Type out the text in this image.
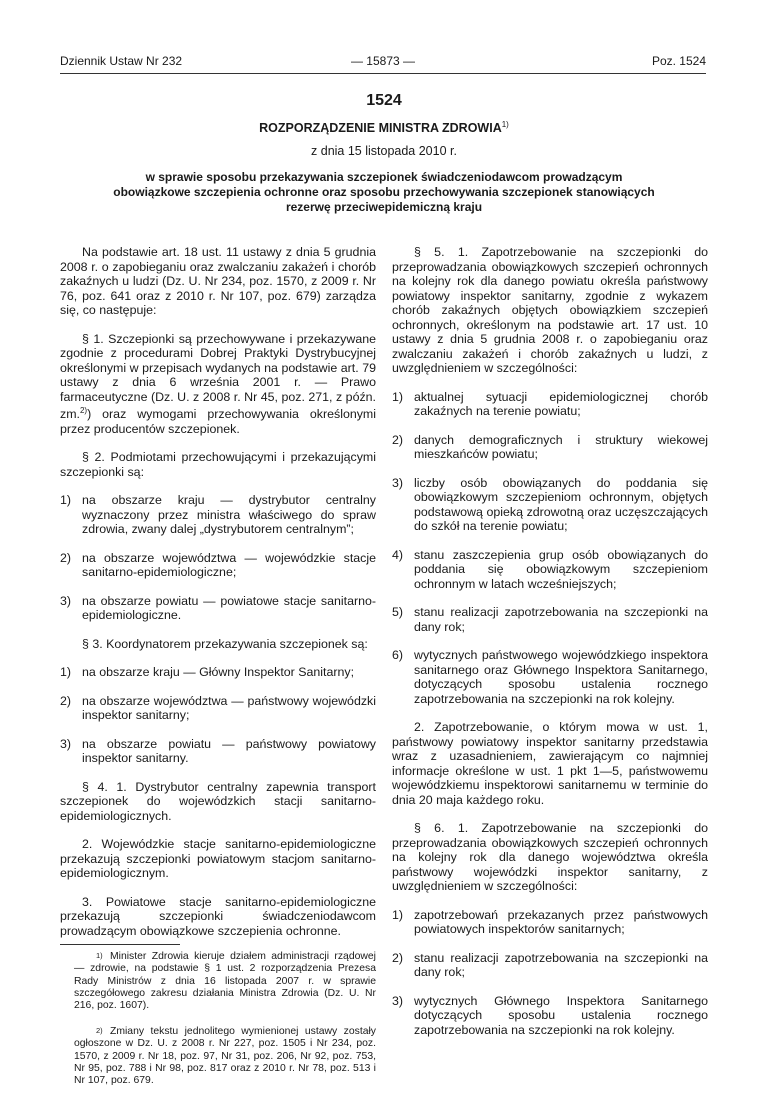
Dziennik Ustaw Nr 232	— 15873 —	Poz. 1524
1524
ROZPORZĄDZENIE MINISTRA ZDROWIA$^{1)}$
z dnia 15 listopada 2010 r.
w sprawie sposobu przekazywania szczepionek świadczeniodawcom prowadzącym obowiązkowe szczepienia ochronne oraz sposobu przechowywania szczepionek stanowiących rezerwę przeciwepidemiczną kraju

Na podstawie art. 18 ust. 11 ustawy z dnia 5 grudnia 2008 r. o zapobieganiu oraz zwalczaniu zakażeń i chorób zakaźnych u ludzi (Dz. U. Nr 234, poz. 1570, z 2009 r. Nr 76, poz. 641 oraz z 2010 r. Nr 107, poz. 679) zarządza się, co następuje:

§ 1. Szczepionki są przechowywane i przekazywane zgodnie z procedurami Dobrej Praktyki Dystrybucyjnej określonymi w przepisach wydanych na podstawie art. 79 ustawy z dnia 6 września 2001 r. — Prawo farmaceutyczne (Dz. U. z 2008 r. Nr 45, poz. 271, z późn. zm.$^{2)}$) oraz wymogami przechowywania określonymi przez producentów szczepionek.

§ 2. Podmiotami przechowującymi i przekazującymi szczepionki są:

1) na obszarze kraju — dystrybutor centralny wyznaczony przez ministra właściwego do spraw zdrowia, zwany dalej „dystrybutorem centralnym”;
2) na obszarze województwa — wojewódzkie stacje sanitarno-epidemiologiczne;
3) na obszarze powiatu — powiatowe stacje sanitarno-epidemiologiczne.

§ 3. Koordynatorem przekazywania szczepionek są:

1) na obszarze kraju — Główny Inspektor Sanitarny;
2) na obszarze województwa — państwowy wojewódzki inspektor sanitarny;
3) na obszarze powiatu — państwowy powiatowy inspektor sanitarny.

§ 4. 1. Dystrybutor centralny zapewnia transport szczepionek do wojewódzkich stacji sanitarno-epidemiologicznych.

2. Wojewódzkie stacje sanitarno-epidemiologiczne przekazują szczepionki powiatowym stacjom sanitarno-epidemiologicznym.

3. Powiatowe stacje sanitarno-epidemiologiczne przekazują szczepionki świadczeniodawcom prowadzącym obowiązkowe szczepienia ochronne.

$^{1)}$ Minister Zdrowia kieruje działem administracji rządowej — zdrowie, na podstawie § 1 ust. 2 rozporządzenia Prezesa Rady Ministrów z dnia 16 listopada 2007 r. w sprawie szczegółowego zakresu działania Ministra Zdrowia (Dz. U. Nr 216, poz. 1607).

$^{2)}$ Zmiany tekstu jednolitego wymienionej ustawy zostały ogłoszone w Dz. U. z 2008 r. Nr 227, poz. 1505 i Nr 234, poz. 1570, z 2009 r. Nr 18, poz. 97, Nr 31, poz. 206, Nr 92, poz. 753, Nr 95, poz. 788 i Nr 98, poz. 817 oraz z 2010 r. Nr 78, poz. 513 i Nr 107, poz. 679.

§ 5. 1. Zapotrzebowanie na szczepionki do przeprowadzania obowiązkowych szczepień ochronnych na kolejny rok dla danego powiatu określa państwowy powiatowy inspektor sanitarny, zgodnie z wykazem chorób zakaźnych objętych obowiązkiem szczepień ochronnych, określonym na podstawie art. 17 ust. 10 ustawy z dnia 5 grudnia 2008 r. o zapobieganiu oraz zwalczaniu zakażeń i chorób zakaźnych u ludzi, z uwzględnieniem w szczególności:

1) aktualnej sytuacji epidemiologicznej chorób zakaźnych na terenie powiatu;
2) danych demograficznych i struktury wiekowej mieszkańców powiatu;
3) liczby osób obowiązanych do poddania się obowiązkowym szczepieniom ochronnym, objętych podstawową opieką zdrowotną oraz uczęszczających do szkół na terenie powiatu;
4) stanu zaszczepienia grup osób obowiązanych do poddania się obowiązkowym szczepieniom ochronnym w latach wcześniejszych;
5) stanu realizacji zapotrzebowania na szczepionki na dany rok;
6) wytycznych państwowego wojewódzkiego inspektora sanitarnego oraz Głównego Inspektora Sanitarnego, dotyczących sposobu ustalenia rocznego zapotrzebowania na szczepionki na rok kolejny.

2. Zapotrzebowanie, o którym mowa w ust. 1, państwowy powiatowy inspektor sanitarny przedstawia wraz z uzasadnieniem, zawierającym co najmniej informacje określone w ust. 1 pkt 1—5, państwowemu wojewódzkiemu inspektorowi sanitarnemu w terminie do dnia 20 maja każdego roku.

§ 6. 1. Zapotrzebowanie na szczepionki do przeprowadzania obowiązkowych szczepień ochronnych na kolejny rok dla danego województwa określa państwowy wojewódzki inspektor sanitarny, z uwzględnieniem w szczególności:

1) zapotrzebowań przekazanych przez państwowych powiatowych inspektorów sanitarnych;
2) stanu realizacji zapotrzebowania na szczepionki na dany rok;
3) wytycznych Głównego Inspektora Sanitarnego dotyczących sposobu ustalenia rocznego zapotrzebowania na szczepionki na rok kolejny.
